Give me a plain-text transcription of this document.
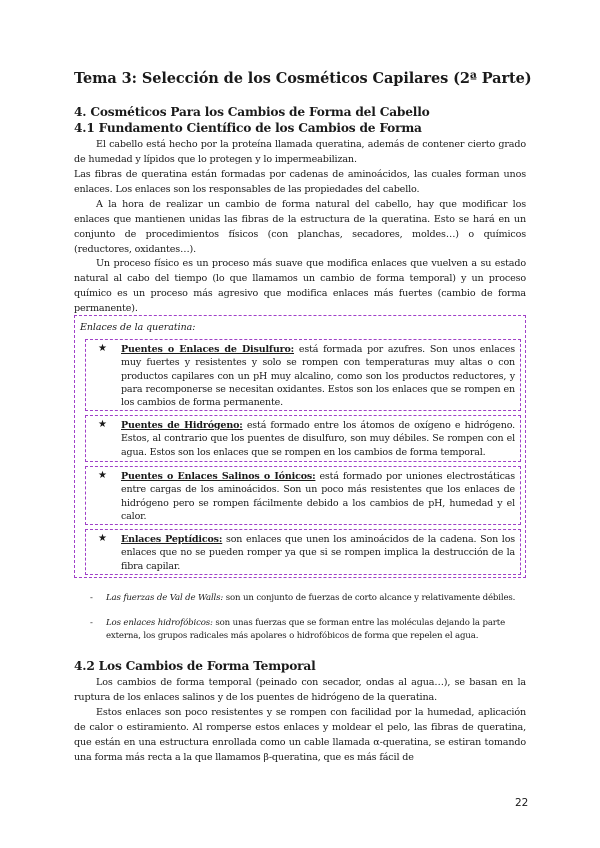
Tema 3: Selección de los Cosméticos Capilares (2ª Parte)
4. Cosméticos Para los Cambios de Forma del Cabello
4.1 Fundamento Científico de los Cambios de Forma

El cabello está hecho por la proteína llamada queratina, además de contener cierto grado de humedad y lípidos que lo protegen y lo impermeabilizan.

Las fibras de queratina están formadas por cadenas de aminoácidos, las cuales forman unos enlaces. Los enlaces son los responsables de las propiedades del cabello.

A la hora de realizar un cambio de forma natural del cabello, hay que modificar los enlaces que mantienen unidas las fibras de la estructura de la queratina. Esto se hará en un conjunto de procedimientos físicos (con planchas, secadores, moldes…) o químicos (reductores, oxidantes…).

Un proceso físico es un proceso más suave que modifica enlaces que vuelven a su estado natural al cabo del tiempo (lo que llamamos un cambio de forma temporal) y un proceso químico es un proceso más agresivo que modifica enlaces más fuertes (cambio de forma permanente).

Enlaces de la queratina:
★ Puentes o Enlaces de Disulfuro: está formada por azufres. Son unos enlaces muy fuertes y resistentes y solo se rompen con temperaturas muy altas o con productos capilares con un pH muy alcalino, como son los productos reductores, y para recomponerse se necesitan oxidantes. Estos son los enlaces que se rompen en los cambios de forma permanente.
★ Puentes de Hidrógeno: está formado entre los átomos de oxígeno e hidrógeno. Estos, al contrario que los puentes de disulfuro, son muy débiles. Se rompen con el agua. Estos son los enlaces que se rompen en los cambios de forma temporal.
★ Puentes o Enlaces Salinos o Iónicos: está formado por uniones electrostáticas entre cargas de los aminoácidos. Son un poco más resistentes que los enlaces de hidrógeno pero se rompen fácilmente debido a los cambios de pH, humedad y el calor.
★ Enlaces Peptídicos: son enlaces que unen los aminoácidos de la cadena. Son los enlaces que no se pueden romper ya que si se rompen implica la destrucción de la fibra capilar.
- Las fuerzas de Val de Walls: son un conjunto de fuerzas de corto alcance y relativamente débiles.
- Los enlaces hidrofóbicos: son unas fuerzas que se forman entre las moléculas dejando la parte externa, los grupos radicales más apolares o hidrofóbicos de forma que repelen el agua.
4.2 Los Cambios de Forma Temporal

Los cambios de forma temporal (peinado con secador, ondas al agua…), se basan en la ruptura de los enlaces salinos y de los puentes de hidrógeno de la queratina.

Estos enlaces son poco resistentes y se rompen con facilidad por la humedad, aplicación de calor o estiramiento. Al romperse estos enlaces y moldear el pelo, las fibras de queratina, que están en una estructura enrollada como un cable llamada α-queratina, se estiran tomando una forma más recta a la que llamamos β-queratina, que es más fácil de

22
